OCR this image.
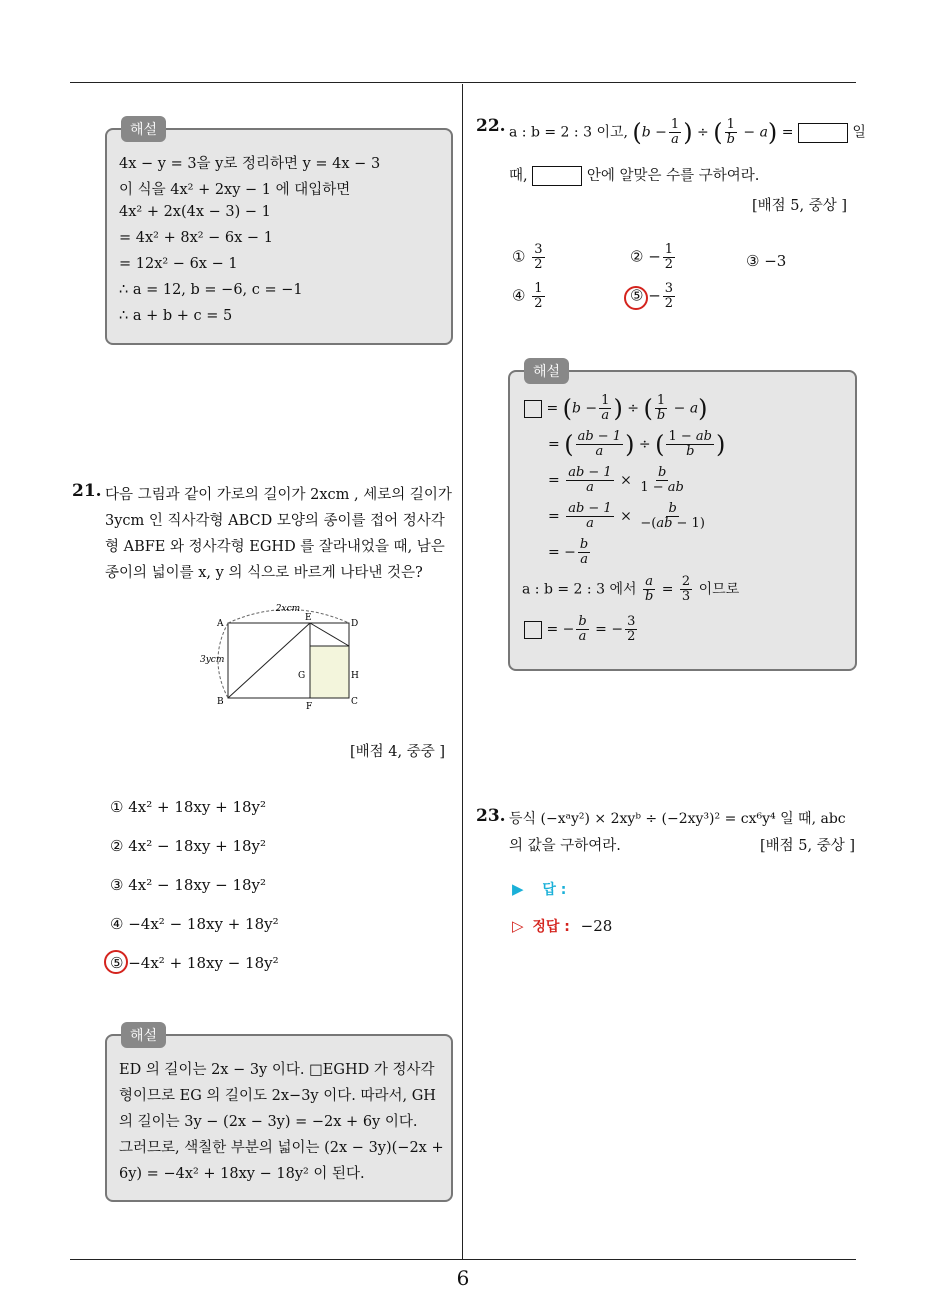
6
해설
4x − y = 3을 y로 정리하면 y = 4x − 3
이 식을 4x² + 2xy − 1 에 대입하면
4x² + 2x(4x − 3) − 1
= 4x² + 8x² − 6x − 1
= 12x² − 6x − 1
∴ a = 12, b = −6, c = −1
∴ a + b + c = 5
21. 다음 그림과 같이 가로의 길이가 2xcm , 세로의 길이가
3ycm 인 직사각형 ABCD 모양의 종이를 접어 정사각
형 ABFE 와 정사각형 EGHD 를 잘라내었을 때, 남은
종이의 넓이를 x, y 의 식으로 바르게 나타낸 것은?
2xcm
3ycm
A
B	C
D
E
F
G	H
[배점 4, 중중 ]
① 4x² + 18xy + 18y²
② 4x² − 18xy + 18y²
③ 4x² − 18xy − 18y²
④ −4x² − 18xy + 18y²
⑤ −4x² + 18xy − 18y²
해설
ED 의 길이는 2x − 3y 이다. □EGHD 가 정사각
형이므로 EG 의 길이도 2x−3y 이다. 따라서, GH
의 길이는 3y − (2x − 3y) = −2x + 6y 이다.
그러므로, 색칠한 부분의 넓이는 (2x − 3y)(−2x +
6y) = −4x² + 18xy − 18y² 이 된다.
22. a : b = 2 : 3 이고, ($b - \frac{1}{a}$ ) ÷ ( $\frac{1}{b} - a$) =	일
때,	안에 알맞은 수를 구하여라.
[배점 5, 중상 ]
① $\frac{3}{2}$	② − $\frac{1}{2}$	③ −3
④ $\frac{1}{2}$	⑤ − $\frac{3}{2}$
해설
= ($b - \frac{1}{a}$ ) ÷ ( $\frac{1}{b} - a$)
= ( $\frac{ab - 1}{a}$ ) ÷ ( $\frac{1 - ab}{b}$ )
= $\frac{ab - 1}{a} \times \frac{b}{1 - ab}$
= $\frac{ab - 1}{a} \times \frac{b}{-(ab - 1)}$
= − $\frac{b}{a}$
a : b = 2 : 3 에서 $\frac{a}{b} = \frac{2}{3}$ 이므로
= − $\frac{b}{a}$ = − $\frac{3}{2}$
23. 등식 (−xᵃy²) × 2xyᵇ ÷ (−2xy³)² = cx⁶y⁴ 일 때, abc
의 값을 구하여라.	[배점 5, 중상 ]
▶ 답 :
▷ 정답 : −28
